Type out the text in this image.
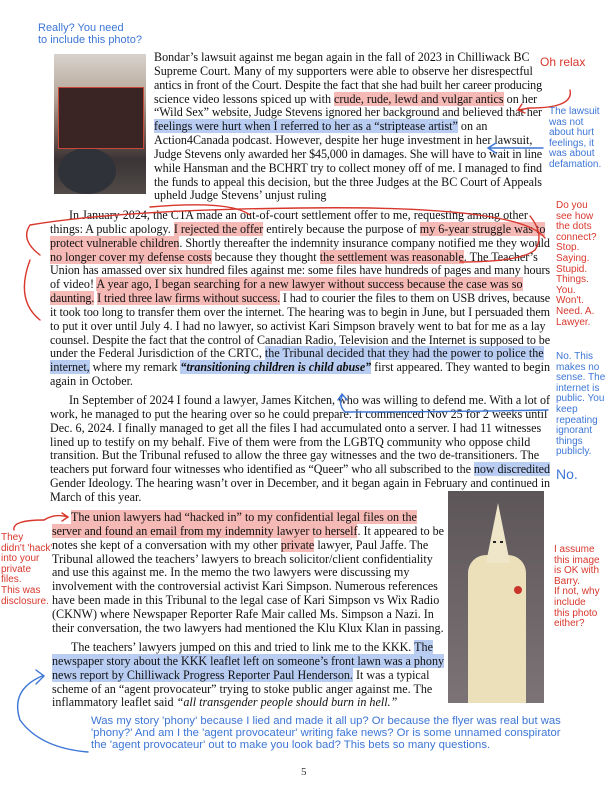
Bondar’s lawsuit against me began again in the fall of 2023 in Chilliwack BC
Supreme Court. Many of my supporters were able to observe her disrespectful
antics in front of the Court. Despite the fact that she had built her career producing
science video lessons spiced up with crude, rude, lewd and vulgar antics on her
“Wild Sex” website, Judge Stevens ignored her background and believed that her
feelings were hurt when I referred to her as a “striptease artist” on an
Action4Canada podcast. However, despite her huge investment in her lawsuit,
Judge Stevens only awarded her $45,000 in damages. She will have to wait in line
while Hansman and the BCHRT try to collect money off of me. I managed to find
the funds to appeal this decision, but the three Judges at the BC Court of Appeals
upheld Judge Stevens’ unjust ruling
In January 2024, the CTA made an out-of-court settlement offer to me, requesting among other
things: A public apology. I rejected the offer entirely because the purpose of my 6-year struggle was to
protect vulnerable children. Shortly thereafter the indemnity insurance company notified me they would
no longer cover my defense costs because they thought the settlement was reasonable. The Teacher’s
Union has amassed over six hundred files against me: some files have hundreds of pages and many hours
of video! A year ago, I began searching for a new lawyer without success because the case was so
daunting. I tried three law firms without success. I had to courier the files to them on USB drives, because
it took too long to transfer them over the internet. The hearing was to begin in June, but I persuaded them
to put it over until July 4. I had no lawyer, so activist Kari Simpson bravely went to bat for me as a lay
counsel. Despite the fact that the control of Canadian Radio, Television and the Internet is supposed to be
under the Federal Jurisdiction of the CRTC, the Tribunal decided that they had the power to police the
internet, where my remark “transitioning children is child abuse” first appeared. They wanted to begin
again in October.
In September of 2024 I found a lawyer, James Kitchen, who was willing to defend me. With a lot of
work, he managed to put the hearing over so he could prepare. It commenced Nov 25 for 2 weeks until
Dec. 6, 2024. I finally managed to get all the files I had accumulated onto a server. I had 11 witnesses
lined up to testify on my behalf. Five of them were from the LGBTQ community who oppose child
transition. But the Tribunal refused to allow the three gay witnesses and the two de-transitioners. The
teachers put forward four witnesses who identified as “Queer” who all subscribed to the now discredited
Gender Ideology. The hearing wasn’t over in December, and it began again in February and continued in
March of this year.
The union lawyers had “hacked in” to my confidential legal files on the
server and found an email from my indemnity lawyer to herself. It appeared to be
notes she kept of a conversation with my other private lawyer, Paul Jaffe. The
Tribunal allowed the teachers’ lawyers to breach solicitor/client confidentiality
and use this against me. In the memo the two lawyers were discussing my
involvement with the controversial activist Kari Simpson. Numerous references
have been made in this Tribunal to the legal case of Kari Simpson vs Wix Radio
(CKNW) where Newspaper Reporter Rafe Mair called Ms. Simpson a Nazi. In
their conversation, the two lawyers had mentioned the Klu Klux Klan in passing.
The teachers’ lawyers jumped on this and tried to link me to the KKK. The
newspaper story about the KKK leaflet left on someone’s front lawn was a phony
news report by Chilliwack Progress Reporter Paul Henderson. It was a typical
scheme of an “agent provocateur” trying to stoke public anger against me. The
inflammatory leaflet said “all transgender people should burn in hell.”
5
Really? You need
to include this photo?
Oh relax
The lawsuit
was not
about hurt
feelings, it
was about
defamation.
Do you
see how
the dots
connect?
Stop.
Saying.
Stupid.
Things.
You.
Won't.
Need. A.
Lawyer.
No. This
makes no
sense. The
internet is
public. You
keep
repeating
ignorant
things
publicly.
No.
They
didn't 'hack'
into your
private
files.
This was
disclosure.
I assume
this image
is OK with
Barry.
If not, why
include
this photo
either?
Was my story 'phony' because I lied and made it all up? Or because the flyer was real but was
'phony?' And am I the 'agent provocateur' writing fake news? Or is some unnamed conspirator
the 'agent provocateur' out to make you look bad? This bets so many questions.
